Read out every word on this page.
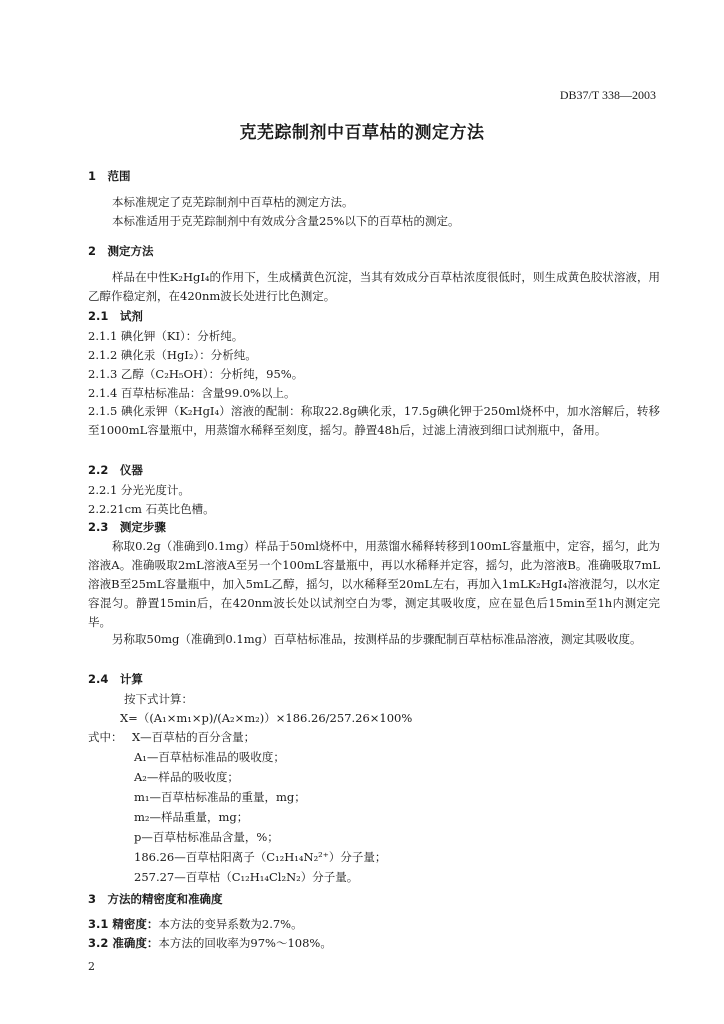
DB37/T 338—2003
克芜踪制剂中百草枯的测定方法
1　范围
本标准规定了克芜踪制剂中百草枯的测定方法。
本标准适用于克芜踪制剂中有效成分含量25%以下的百草枯的测定。
2　测定方法
样品在中性K₂HgI₄的作用下，生成橘黄色沉淀，当其有效成分百草枯浓度很低时，则生成黄色胶状溶液，用乙醇作稳定剂，在420nm波长处进行比色测定。
2.1　试剂
2.1.1 碘化钾（KI）：分析纯。
2.1.2 碘化汞（HgI₂）：分析纯。
2.1.3 乙醇（C₂H₅OH）：分析纯，95%。
2.1.4 百草枯标准品：含量99.0%以上。
2.1.5 碘化汞钾（K₂HgI₄）溶液的配制：称取22.8g碘化汞，17.5g碘化钾于250ml烧杯中，加水溶解后，转移至1000mL容量瓶中，用蒸馏水稀释至刻度，摇匀。静置48h后，过滤上清液到细口试剂瓶中，备用。
2.2　仪器
2.2.1 分光光度计。
2.2.21cm 石英比色槽。
2.3　测定步骤
称取0.2g（准确到0.1mg）样品于50ml烧杯中，用蒸馏水稀释转移到100mL容量瓶中，定容，摇匀，此为溶液A。准确吸取2mL溶液A至另一个100mL容量瓶中，再以水稀释并定容，摇匀，此为溶液B。准确吸取7mL溶液B至25mL容量瓶中，加入5mL乙醇，摇匀，以水稀释至20mL左右，再加入1mLK₂HgI₄溶液混匀，以水定容混匀。静置15min后，在420nm波长处以试剂空白为零，测定其吸收度，应在显色后15min至1h内测定完毕。
另称取50mg（准确到0.1mg）百草枯标准品，按测样品的步骤配制百草枯标准品溶液，测定其吸收度。
2.4　计算
按下式计算：
X=（(A₁×m₁×p)/(A₂×m₂)）×186.26/257.26×100%
式中： X—百草枯的百分含量；
A₁—百草枯标准品的吸收度；
A₂—样品的吸收度；
m₁—百草枯标准品的重量，mg；
m₂—样品重量，mg；
p—百草枯标准品含量，%；
186.26—百草枯阳离子（C₁₂H₁₄N₂²⁺）分子量；
257.27—百草枯（C₁₂H₁₄Cl₂N₂）分子量。
3　方法的精密度和准确度
3.1 精密度：本方法的变异系数为2.7%。
3.2 准确度：本方法的回收率为97%～108%。
2
